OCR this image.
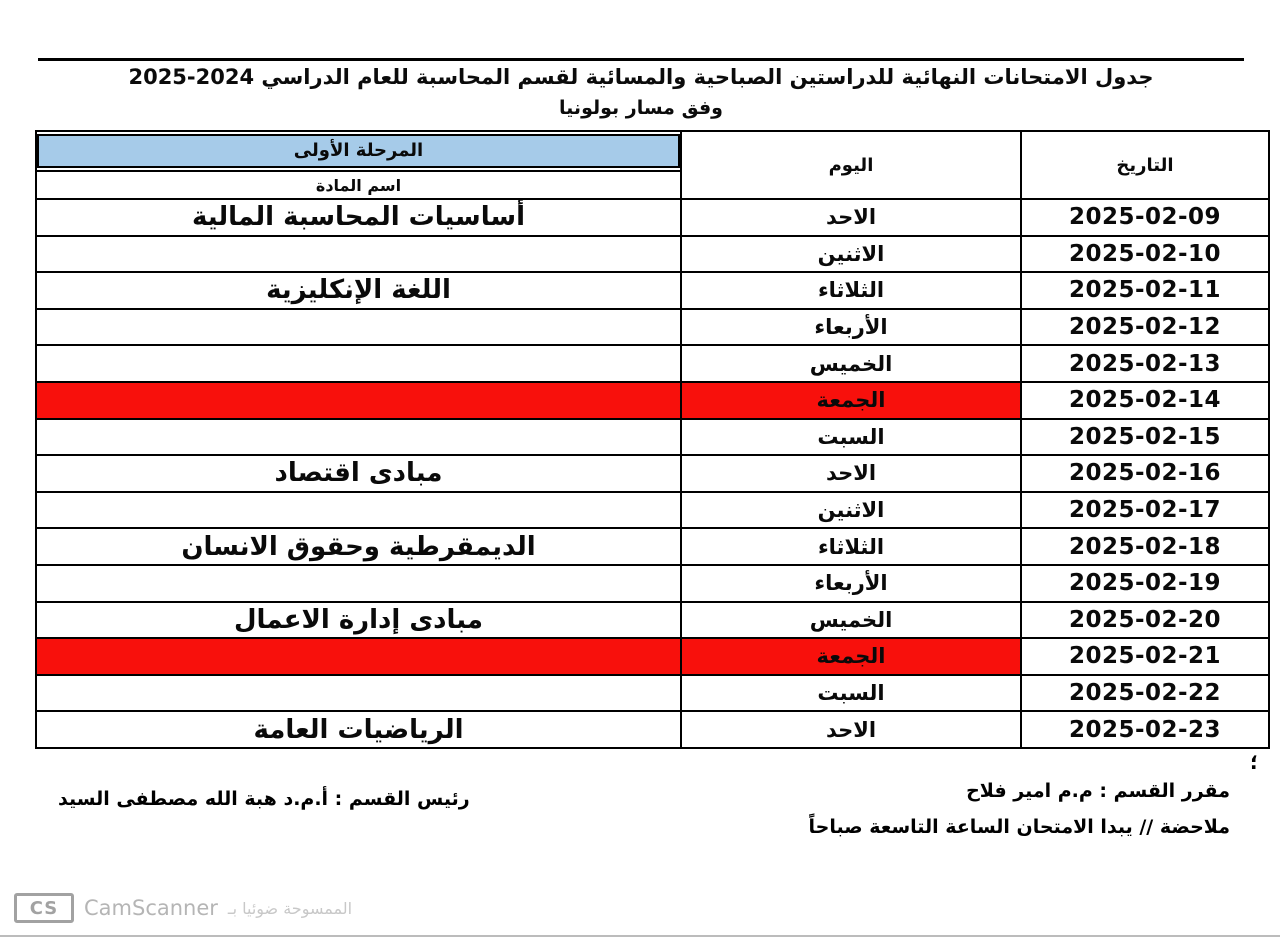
جدول الامتحانات النهائية للدراستين الصباحية والمسائية لقسم المحاسبة للعام الدراسي 2024‏-‏2025
وفق مسار بولونيا
المرحلة الأولى	اليوم	التاريخ
اسم المادة		
أساسيات المحاسبة المالية	الاحد	2025-02-09
	الاثنين	2025-02-10
اللغة الإنكليزية	الثلاثاء	2025-02-11
	الأربعاء	2025-02-12
	الخميس	2025-02-13
	الجمعة	2025-02-14
	السبت	2025-02-15
مبادى اقتصاد	الاحد	2025-02-16
	الاثنين	2025-02-17
الديمقرطية وحقوق الانسان	الثلاثاء	2025-02-18
	الأربعاء	2025-02-19
مبادى إدارة الاعمال	الخميس	2025-02-20
	الجمعة	2025-02-21
	السبت	2025-02-22
الرياضيات العامة	الاحد	2025-02-23
؛
مقرر القسم : م.م امير فلاح
ملاحضة // يبدا الامتحان الساعة التاسعة صباحاً
رئيس القسم : أ.م.د هبة الله مصطفى السيد
CS	CamScanner الممسوحة ضوئيا بـ
